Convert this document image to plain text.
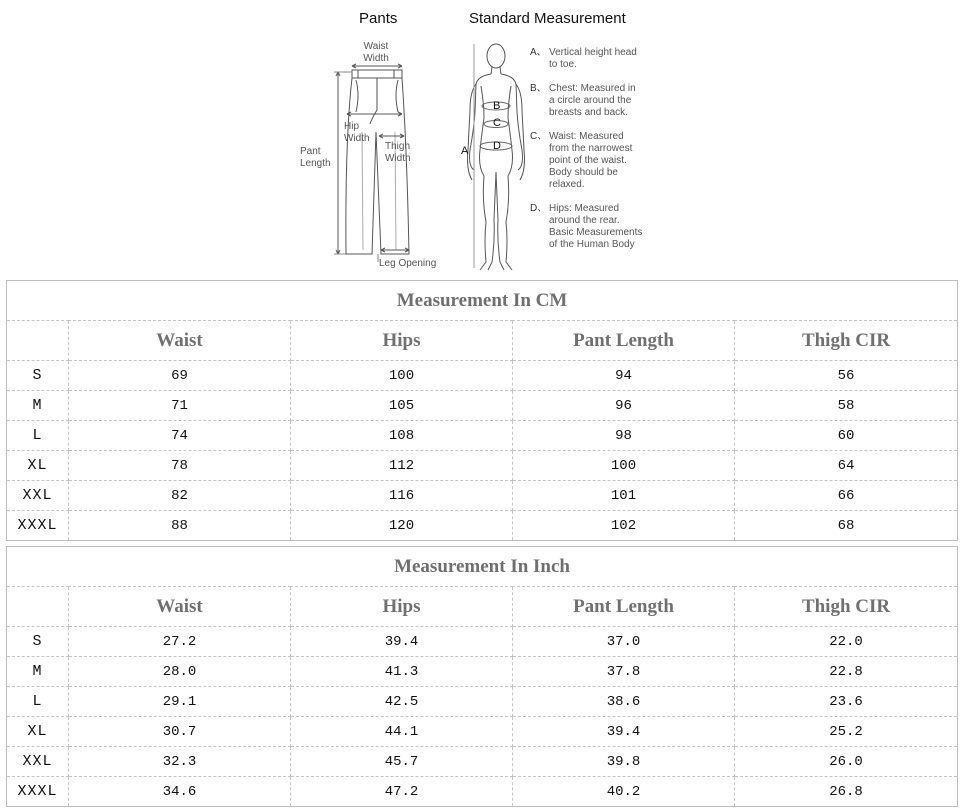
Pants	Standard Measurement
Waist
Width
Hip
Width
Thigh
Width
Pant
Length
Leg Opening
A
B
C
D
A、 Vertical height head
to toe.
B、 Chest: Measured in
a circle around the
breasts and back.
C、 Waist: Measured
from the narrowest
point of the waist.
Body should be
relaxed.
D、 Hips: Measured
around the rear.
Basic Measurements
of the Human Body
Measurement In CM				
	Waist	Hips	Pant Length	Thigh CIR
S	69	100	94	56
M	71	105	96	58
L	74	108	98	60
XL	78	112	100	64
XXL	82	116	101	66
XXXL	88	120	102	68
Measurement In Inch				
	Waist	Hips	Pant Length	Thigh CIR
S	27.2	39.4	37.0	22.0
M	28.0	41.3	37.8	22.8
L	29.1	42.5	38.6	23.6
XL	30.7	44.1	39.4	25.2
XXL	32.3	45.7	39.8	26.0
XXXL	34.6	47.2	40.2	26.8
